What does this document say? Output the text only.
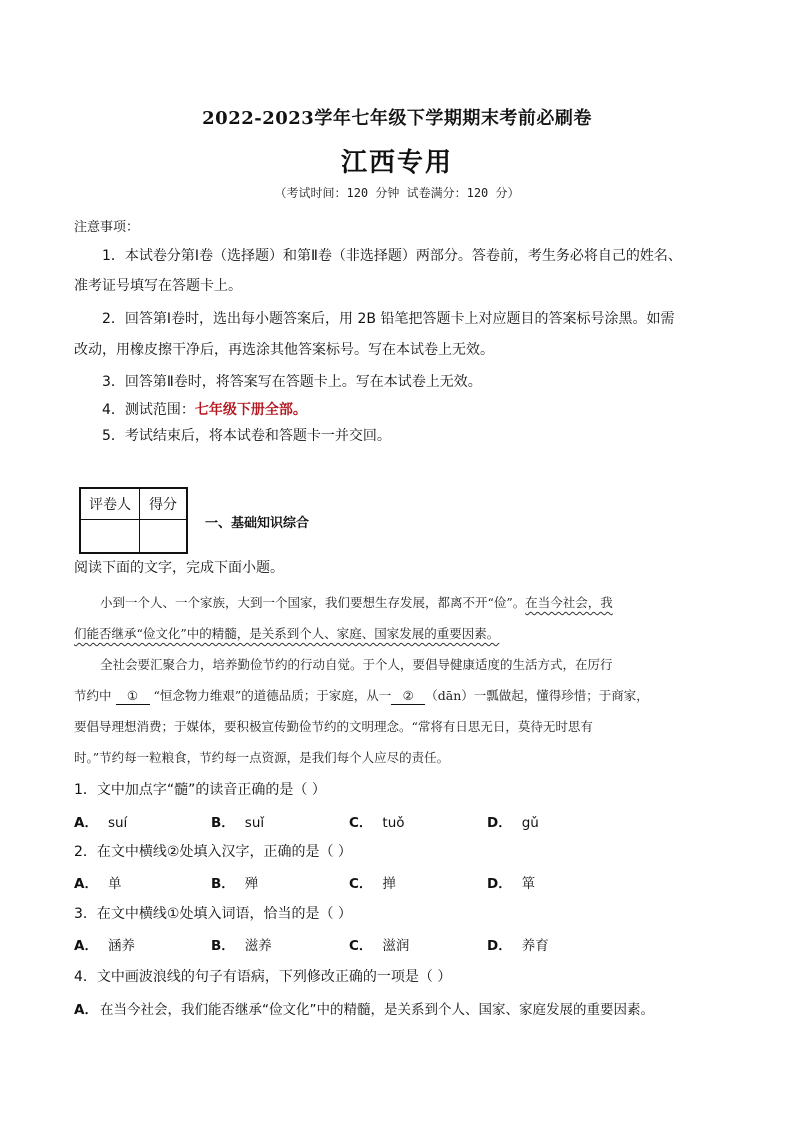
2022-2023学年七年级下学期期末考前必刷卷
江西专用
（考试时间：120 分钟 试卷满分：120 分）
注意事项：
1．本试卷分第Ⅰ卷（选择题）和第Ⅱ卷（非选择题）两部分。答卷前，考生务必将自己的姓名、
准考证号填写在答题卡上。
2．回答第Ⅰ卷时，选出每小题答案后，用 2B 铅笔把答题卡上对应题目的答案标号涂黑。如需
改动，用橡皮擦干净后，再选涂其他答案标号。写在本试卷上无效。
3．回答第Ⅱ卷时，将答案写在答题卡上。写在本试卷上无效。
4．测试范围：七年级下册全部。
5．考试结束后，将本试卷和答题卡一并交回。
评卷人	得分

一、基础知识综合
阅读下面的文字，完成下面小题。
小到一个人、一个家族，大到一个国家，我们要想生存发展，都离不开“俭”。在当今社会，我
们能否继承“俭文化”中的精髓，是关系到个人、家庭、国家发展的重要因素。
全社会要汇聚合力，培养勤俭节约的行动自觉。于个人，要倡导健康适度的生活方式，在厉行
节约中 ① “恒念物力维艰”的道德品质；于家庭，从一 ② （dān）一瓢做起，懂得珍惜；于商家，
要倡导理想消费；于媒体，要积极宣传勤俭节约的文明理念。“常将有日思无日，莫待无时思有
时。”节约每一粒粮食，节约每一点资源，是我们每个人应尽的责任。
1．文中加点字“髓”的读音正确的是（ ）
A． suí	B． suǐ	C． tuǒ	D． gǔ
2．在文中横线②处填入汉字，正确的是（ ）
A． 单	B． 殚	C． 掸	D． 箪
3．在文中横线①处填入词语，恰当的是（ ）
A． 涵养	B． 滋养	C． 滋润	D． 养育
4．文中画波浪线的句子有语病，下列修改正确的一项是（ ）
A． 在当今社会，我们能否继承“俭文化”中的精髓，是关系到个人、国家、家庭发展的重要因素。
